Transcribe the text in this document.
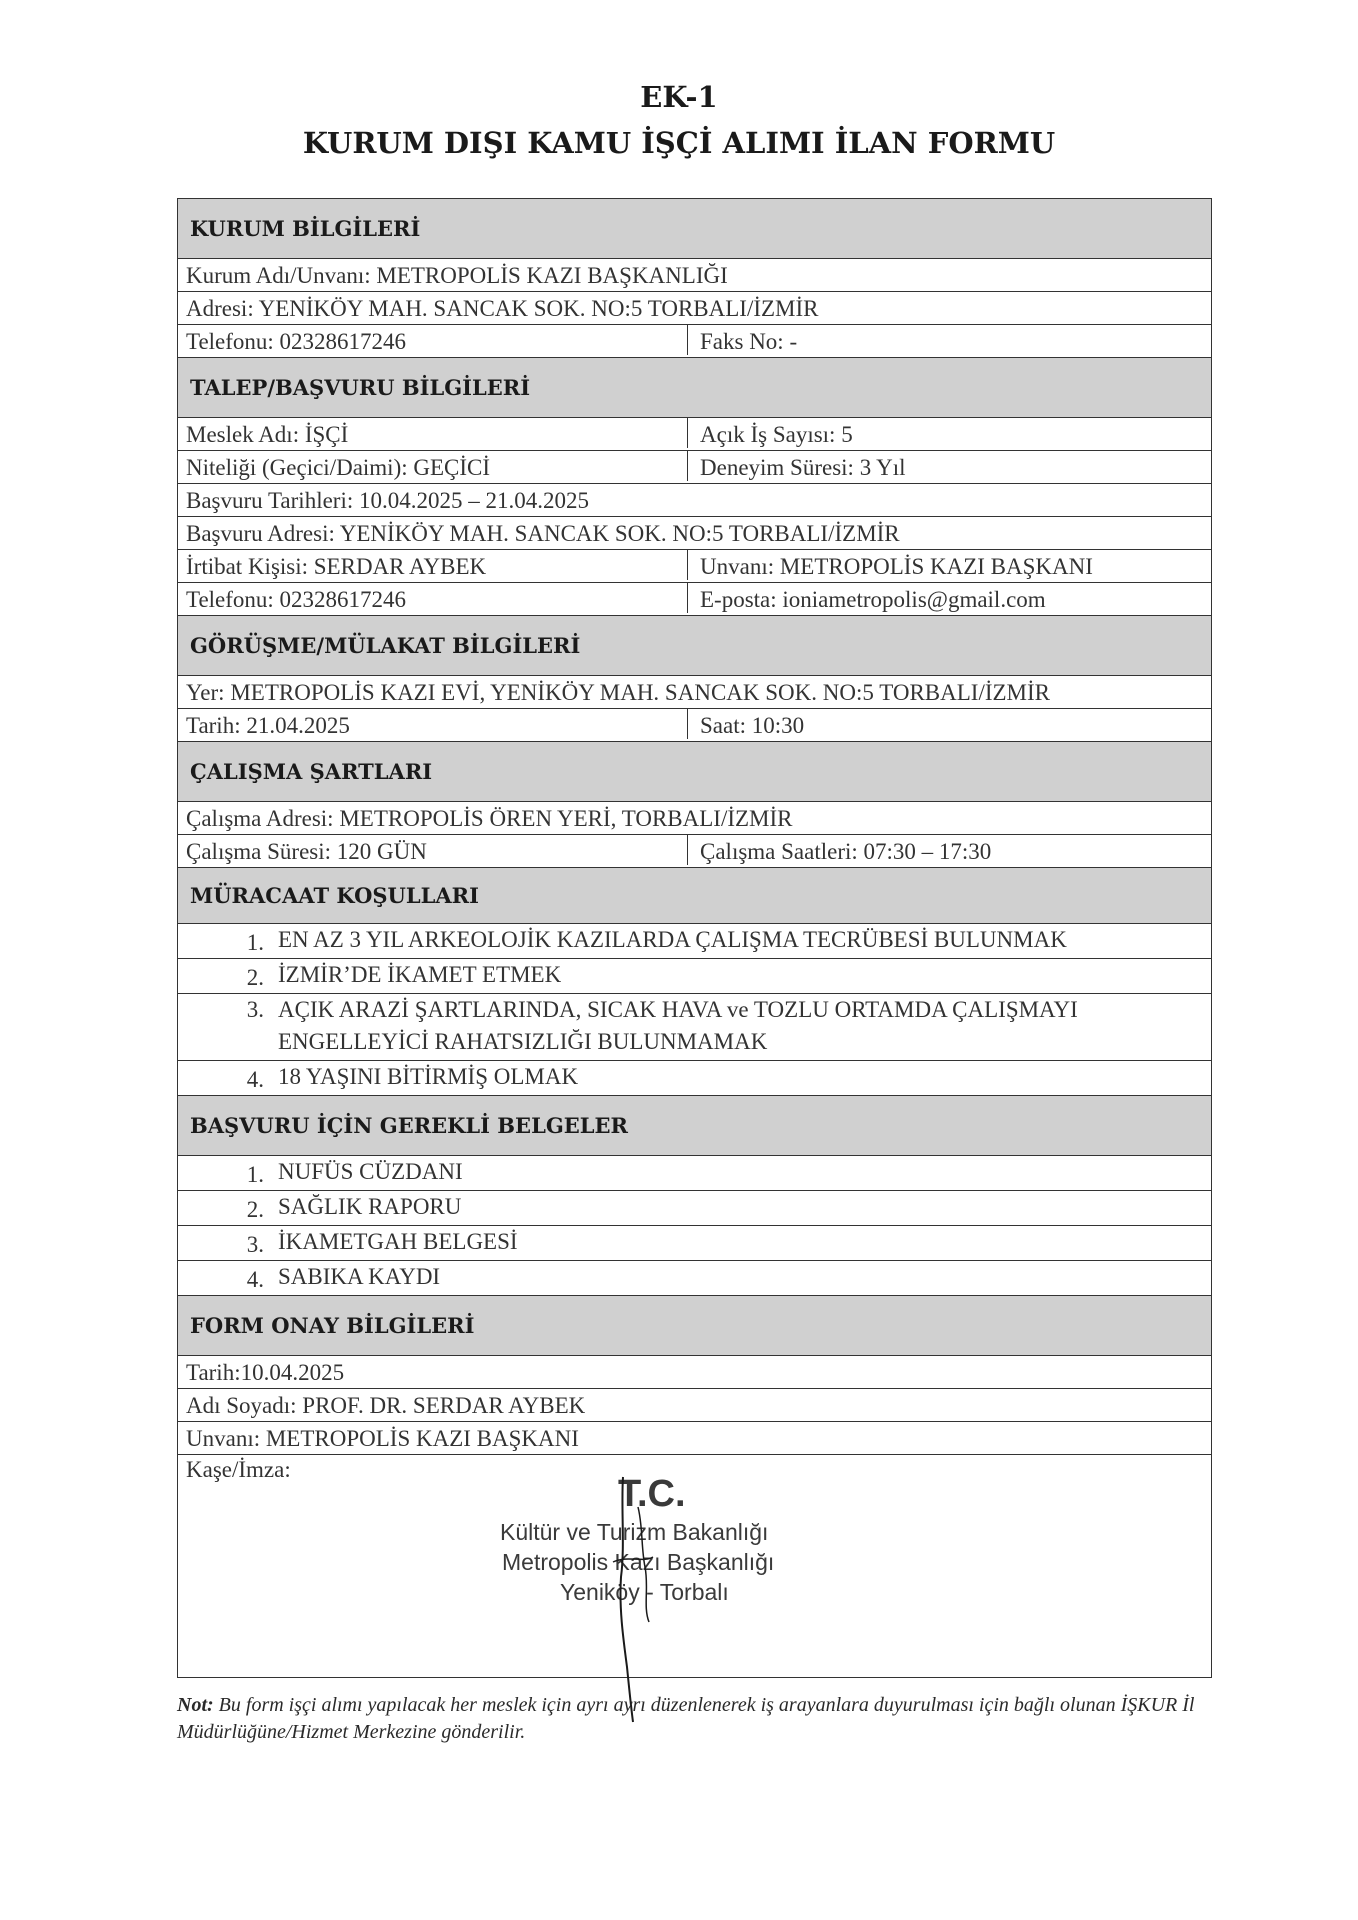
EK-1
KURUM DIŞI KAMU İŞÇİ ALIMI İLAN FORMU
KURUM BİLGİLERİ
Kurum Adı/Unvanı: METROPOLİS KAZI BAŞKANLIĞI
Adresi: YENİKÖY MAH. SANCAK SOK. NO:5 TORBALI/İZMİR
Telefonu: 02328617246	Faks No: -
TALEP/BAŞVURU BİLGİLERİ
Meslek Adı: İŞÇİ	Açık İş Sayısı: 5
Niteliği (Geçici/Daimi): GEÇİCİ	Deneyim Süresi: 3 Yıl
Başvuru Tarihleri: 10.04.2025 – 21.04.2025
Başvuru Adresi: YENİKÖY MAH. SANCAK SOK. NO:5 TORBALI/İZMİR
İrtibat Kişisi: SERDAR AYBEK	Unvanı: METROPOLİS KAZI BAŞKANI
Telefonu: 02328617246	E-posta: ioniametropolis@gmail.com
GÖRÜŞME/MÜLAKAT BİLGİLERİ
Yer: METROPOLİS KAZI EVİ, YENİKÖY MAH. SANCAK SOK. NO:5 TORBALI/İZMİR
Tarih: 21.04.2025	Saat: 10:30
ÇALIŞMA ŞARTLARI
Çalışma Adresi: METROPOLİS ÖREN YERİ, TORBALI/İZMİR
Çalışma Süresi: 120 GÜN	Çalışma Saatleri: 07:30 – 17:30
MÜRACAAT KOŞULLARI
1. EN AZ 3 YIL ARKEOLOJİK KAZILARDA ÇALIŞMA TECRÜBESİ BULUNMAK
2. İZMİR’DE İKAMET ETMEK
3. AÇIK ARAZİ ŞARTLARINDA, SICAK HAVA ve TOZLU ORTAMDA ÇALIŞMAYI ENGELLEYİCİ RAHATSIZLIĞI BULUNMAMAK
4. 18 YAŞINI BİTİRMİŞ OLMAK
BAŞVURU İÇİN GEREKLİ BELGELER
1. NUFÜS CÜZDANI
2. SAĞLIK RAPORU
3. İKAMETGAH BELGESİ
4. SABIKA KAYDI
FORM ONAY BİLGİLERİ
Tarih:10.04.2025
Adı Soyadı: PROF. DR. SERDAR AYBEK
Unvanı: METROPOLİS KAZI BAŞKANI
Kaşe/İmza:
T.C.
Kültür ve Turizm Bakanlığı
Metropolis Kazı Başkanlığı
Yeniköy - Torbalı
Not: Bu form işçi alımı yapılacak her meslek için ayrı ayrı düzenlenerek iş arayanlara duyurulması için bağlı olunan İŞKUR İl Müdürlüğüne/Hizmet Merkezine gönderilir.
